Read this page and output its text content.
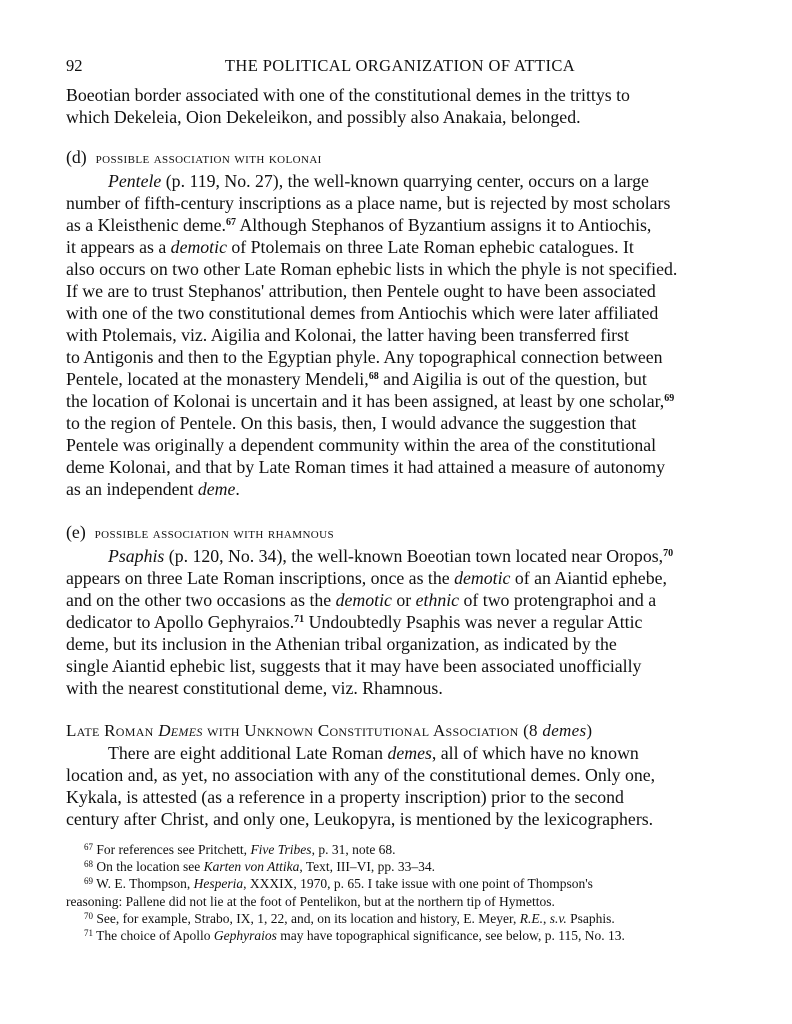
92	THE POLITICAL ORGANIZATION OF ATTICA

Boeotian border associated with one of the constitutional demes in the trittys to

which Dekeleia, Oion Dekeleikon, and possibly also Anakaia, belonged.

(d) possible association with kolonai

Pentele (p. 119, No. 27), the well-known quarrying center, occurs on a large

number of fifth-century inscriptions as a place name, but is rejected by most scholars

as a Kleisthenic deme.$^{67}$ Although Stephanos of Byzantium assigns it to Antiochis,

it appears as a demotic of Ptolemais on three Late Roman ephebic catalogues. It

also occurs on two other Late Roman ephebic lists in which the phyle is not specified.

If we are to trust Stephanos' attribution, then Pentele ought to have been associated

with one of the two constitutional demes from Antiochis which were later affiliated

with Ptolemais, viz. Aigilia and Kolonai, the latter having been transferred first

to Antigonis and then to the Egyptian phyle. Any topographical connection between

Pentele, located at the monastery Mendeli,$^{68}$ and Aigilia is out of the question, but

the location of Kolonai is uncertain and it has been assigned, at least by one scholar,$^{69}$

to the region of Pentele. On this basis, then, I would advance the suggestion that

Pentele was originally a dependent community within the area of the constitutional

deme Kolonai, and that by Late Roman times it had attained a measure of autonomy

as an independent deme.

(e) possible association with rhamnous

Psaphis (p. 120, No. 34), the well-known Boeotian town located near Oropos,$^{70}$

appears on three Late Roman inscriptions, once as the demotic of an Aiantid ephebe,

and on the other two occasions as the demotic or ethnic of two protengraphoi and a

dedicator to Apollo Gephyraios.$^{71}$ Undoubtedly Psaphis was never a regular Attic

deme, but its inclusion in the Athenian tribal organization, as indicated by the

single Aiantid ephebic list, suggests that it may have been associated unofficially

with the nearest constitutional deme, viz. Rhamnous.

Late Roman Demes with Unknown Constitutional Association (8 demes)

There are eight additional Late Roman demes, all of which have no known

location and, as yet, no association with any of the constitutional demes. Only one,

Kykala, is attested (as a reference in a property inscription) prior to the second

century after Christ, and only one, Leukopyra, is mentioned by the lexicographers.

$^{67}$ For references see Pritchett, Five Tribes, p. 31, note 68.

$^{68}$ On the location see Karten von Attika, Text, III–VI, pp. 33–34.

$^{69}$ W. E. Thompson, Hesperia, XXXIX, 1970, p. 65. I take issue with one point of Thompson's

reasoning: Pallene did not lie at the foot of Pentelikon, but at the northern tip of Hymettos.

$^{70}$ See, for example, Strabo, IX, 1, 22, and, on its location and history, E. Meyer, R.E., s.v. Psaphis.

$^{71}$ The choice of Apollo Gephyraios may have topographical significance, see below, p. 115, No. 13.
